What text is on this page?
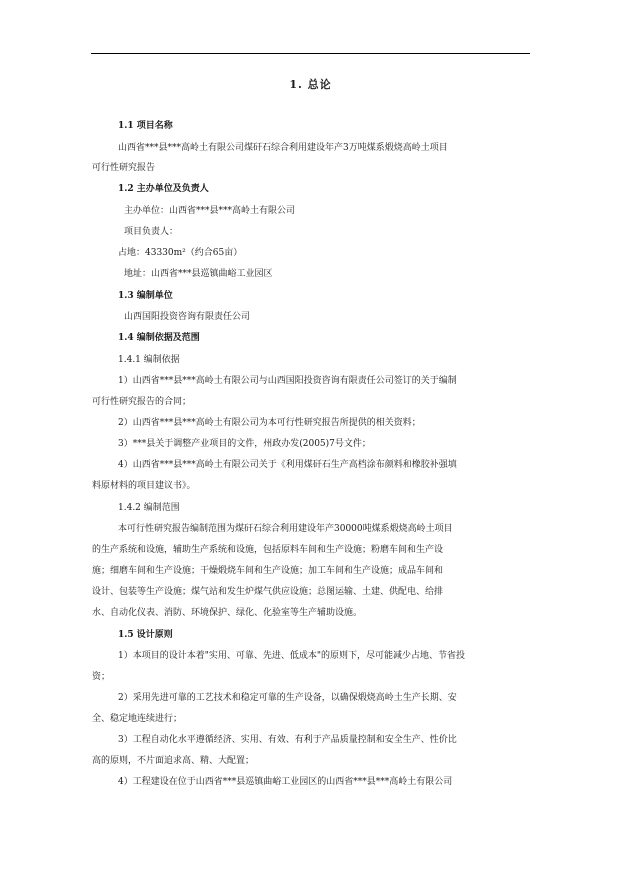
1. 总论
1.1 项目名称
山西省***县***高岭土有限公司煤矸石综合利用建设年产3万吨煤系煅烧高岭土项目
可行性研究报告
1.2 主办单位及负责人
主办单位：山西省***县***高岭土有限公司
项目负责人：
占地：43330m²（约合65亩）
地址：山西省***县巡镇曲峪工业园区
1.3 编制单位
山西国阳投资咨询有限责任公司
1.4 编制依据及范围
1.4.1 编制依据
1）山西省***县***高岭土有限公司与山西国阳投资咨询有限责任公司签订的关于编制
可行性研究报告的合同；
2）山西省***县***高岭土有限公司为本可行性研究报告所提供的相关资料；
3）***县关于调整产业项目的文件，州政办发(2005)7号文件；
4）山西省***县***高岭土有限公司关于《利用煤矸石生产高档涂布颜料和橡胶补强填
料原材料的项目建议书》。
1.4.2 编制范围
本可行性研究报告编制范围为煤矸石综合利用建设年产30000吨煤系煅烧高岭土项目
的生产系统和设施，辅助生产系统和设施，包括原料车间和生产设施；粉磨车间和生产设
施；细磨车间和生产设施；干燥煅烧车间和生产设施；加工车间和生产设施；成品车间和
设计、包装等生产设施；煤气站和发生炉煤气供应设施；总图运输、土建、供配电、给排
水、自动化仪表、消防、环境保护、绿化、化验室等生产辅助设施。
1.5 设计原则
1）本项目的设计本着"实用、可靠、先进、低成本"的原则下，尽可能减少占地、节省投
资；
2）采用先进可靠的工艺技术和稳定可靠的生产设备，以确保煅烧高岭土生产长期、安
全、稳定地连续进行；
3）工程自动化水平遵循经济、实用、有效、有利于产品质量控制和安全生产、性价比
高的原则，不片面追求高、精、大配置；
4）工程建设在位于山西省***县巡镇曲峪工业园区的山西省***县***高岭土有限公司
